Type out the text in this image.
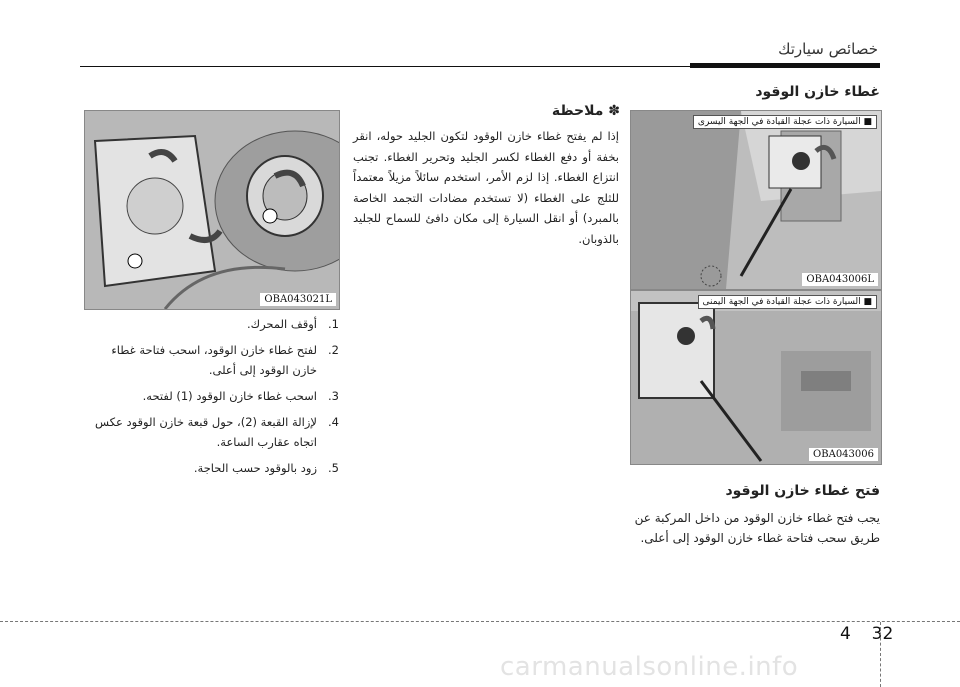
خصائص سيارتك
غطاء خازن الوقود
■ السيارة ذات عجلة القيادة في الجهة اليسرى
OBA043006L
■ السيارة ذات عجلة القيادة في الجهة اليمنى
OBA043006
فتح غطاء خازن الوقود
يجب فتح غطاء خازن الوقود من داخل المركبة عن طريق سحب فتاحة غطاء خازن الوقود إلى أعلى.
✽ ملاحظة
إذا لم يفتح غطاء خازن الوقود لتكون الجليد حوله، انقر بخفة أو دفع الغطاء لكسر الجليد وتحرير الغطاء. تجنب انتزاع الغطاء. إذا لزم الأمر، استخدم سائلاً مزيلاً معتمداً للثلج على الغطاء (لا تستخدم مضادات التجمد الخاصة بالمبرد) أو انقل السيارة إلى مكان دافئ للسماح للجليد بالذوبان.
OBA043021L
1.
أوقف المحرك.
2.
لفتح غطاء خازن الوقود، اسحب فتاحة غطاء خازن الوقود إلى أعلى.
3.
اسحب غطاء خازن الوقود (1) لفتحه.
4.
لإزالة القبعة (2)، حول قبعة خازن الوقود عكس اتجاه عقارب الساعة.
5.
زود بالوقود حسب الحاجة.
4 32
carmanualsonline.info
